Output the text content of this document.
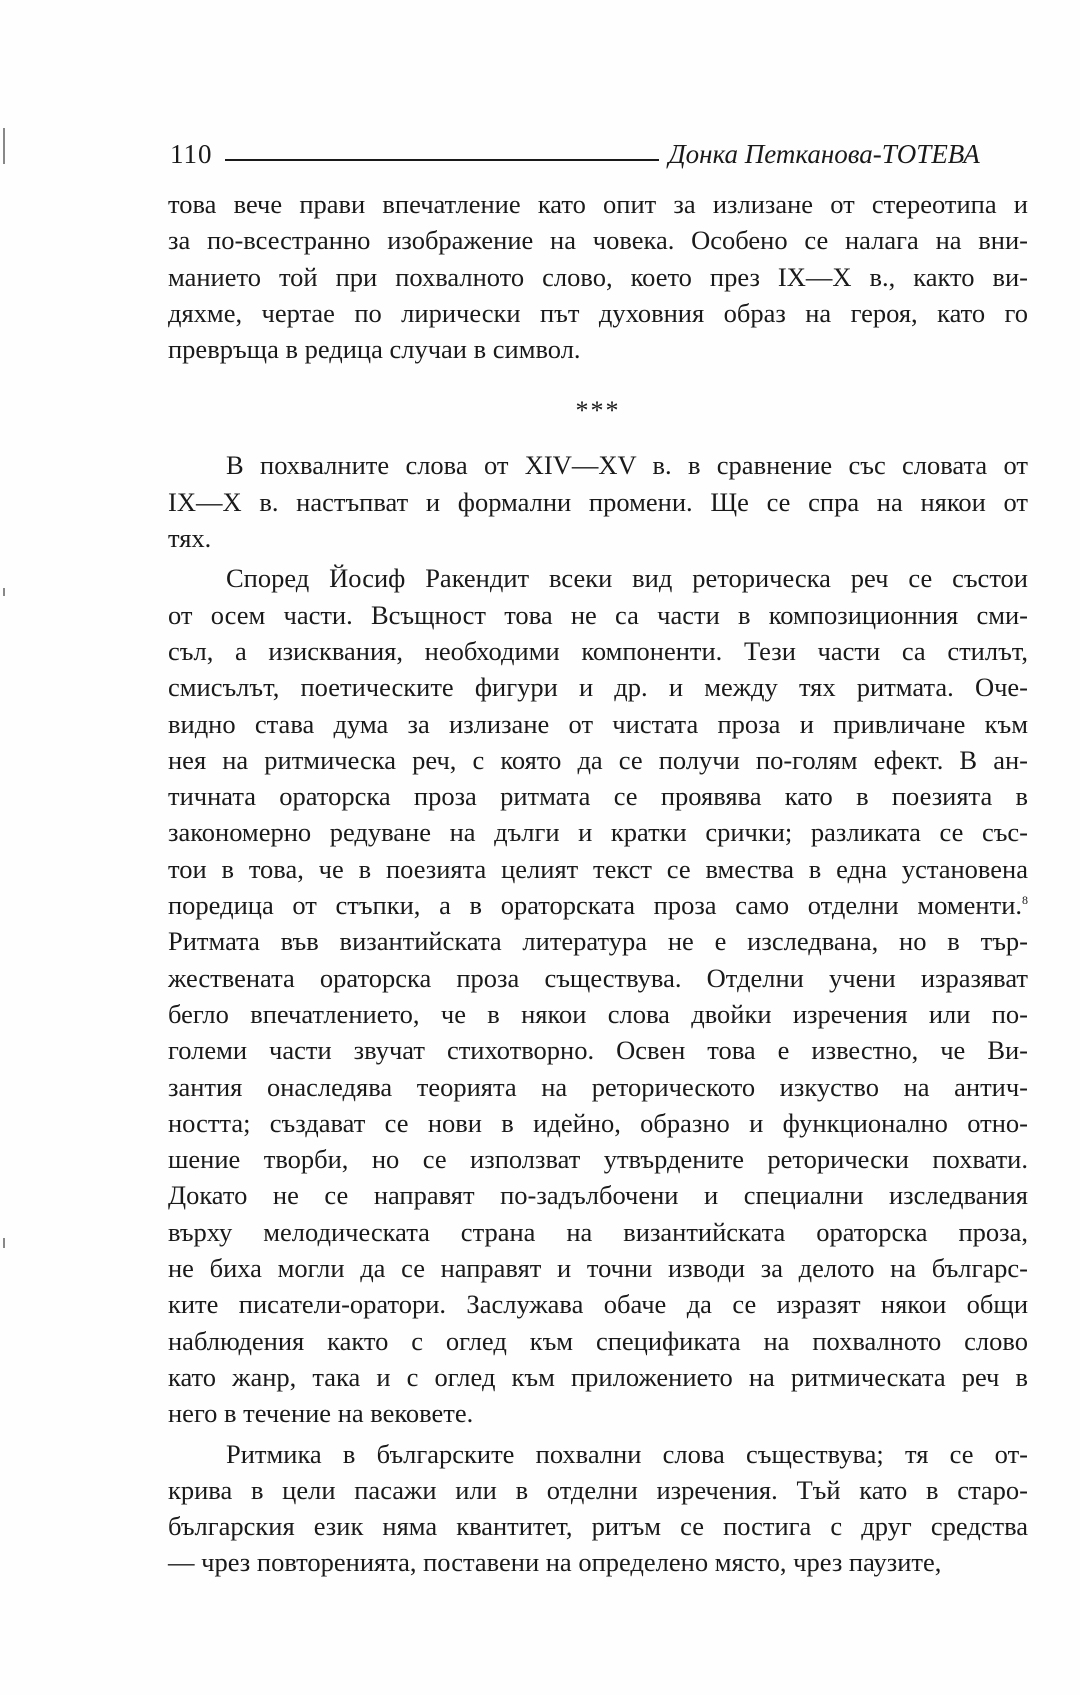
110	Донка Петканова-ТОТЕВА
това вече прави впечатление като опит за излизане от стереотипа и
за по-всестранно изображение на човека. Особено се налага на вни-
манието той при похвалното слово, което през IX—X в., както ви-
дяхме, чертае по лирически път духовния образ на героя, като го
превръща в редица случаи в символ.
***
В похвалните слова от XIV—XV в. в сравнение със словата от
IX—X в. настъпват и формални промени. Ще се спра на някои от
тях.
Според Йосиф Ракендит всеки вид реторическа реч се състои
от осем части. Всъщност това не са части в композиционния сми-
съл, а изисквания, необходими компоненти. Тези части са стилът,
смисълът, поетическите фигури и др. и между тях ритмата. Оче-
видно става дума за излизане от чистата проза и привличане към
нея на ритмическа реч, с която да се получи по-голям ефект. В ан-
тичната ораторска проза ритмата се проявява като в поезията в
закономерно редуване на дълги и кратки срички; разликата се със-
тои в това, че в поезията целият текст се вмества в една установена
поредица от стъпки, а в ораторската проза само отделни моменти.$^8$
Ритмата във византийската литература не е изследвана, но в тър-
жествената ораторска проза съществува. Отделни учени изразяват
бегло впечатлението, че в някои слова двойки изречения или по-
големи части звучат стихотворно. Освен това е известно, че Ви-
зантия онаследява теорията на реторическото изкуство на антич-
ността; създават се нови в идейно, образно и функционално отно-
шение творби, но се използват утвърдените реторически похвати.
Докато не се направят по-задълбочени и специални изследвания
върху мелодическата страна на византийската ораторска проза,
не биха могли да се направят и точни изводи за делото на българс-
ките писатели-оратори. Заслужава обаче да се изразят някои общи
наблюдения както с оглед към спецификата на похвалното слово
като жанр, така и с оглед към приложението на ритмическата реч в
него в течение на вековете.
Ритмика в българските похвални слова съществува; тя се от-
крива в цели пасажи или в отделни изречения. Тъй като в старо-
българския език няма квантитет, ритъм се постига с друг средства
— чрез повторенията, поставени на определено място, чрез паузите,
